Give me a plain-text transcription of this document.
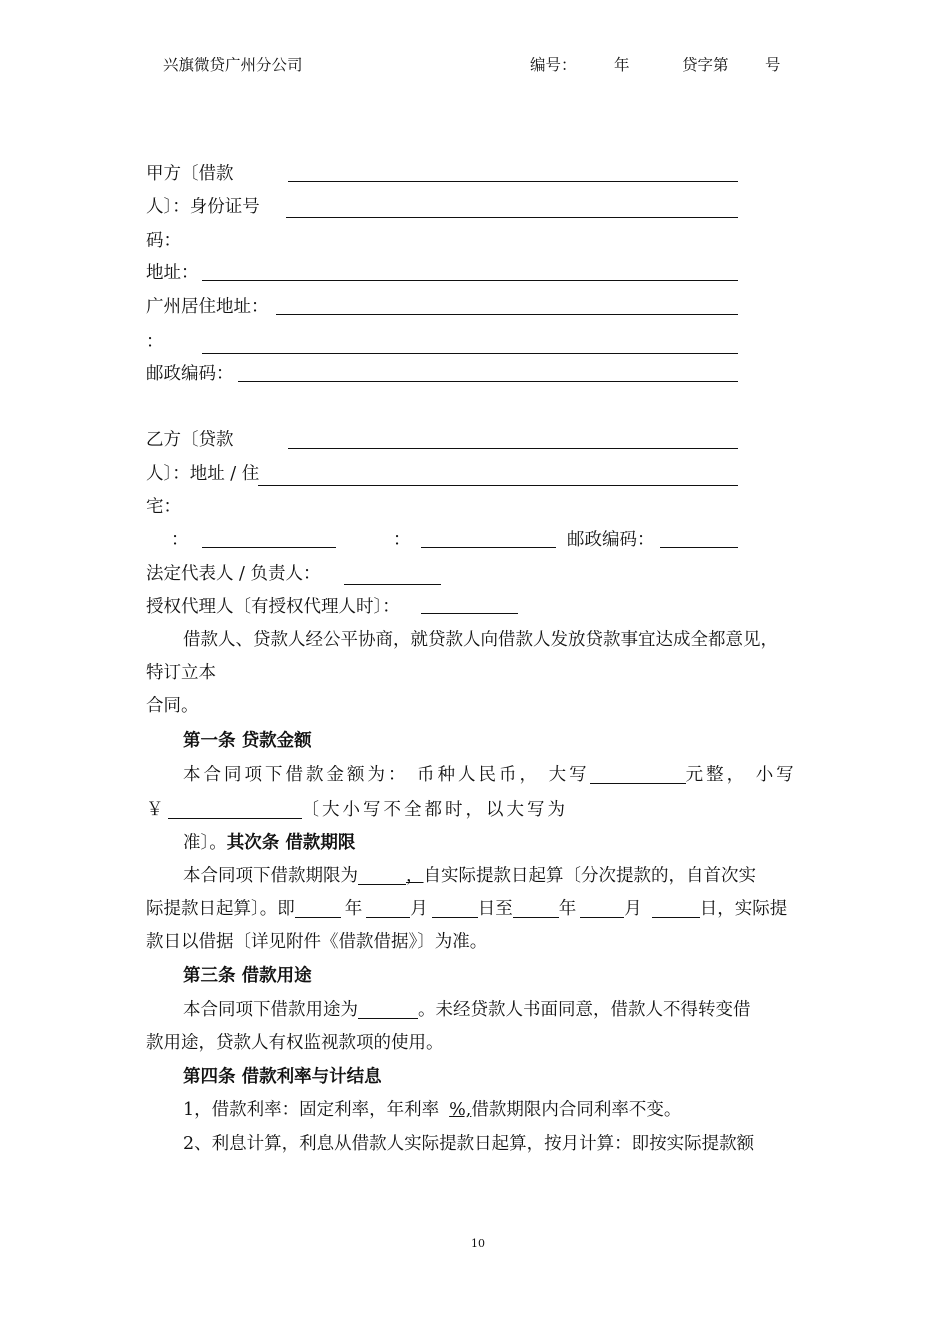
兴旗微贷广州分公司	编号： 年	贷字第 号
甲方〔借款
人〕：身份证号
码：
地址：
广州居住地址：
：
邮政编码：
乙方〔贷款
人〕：地址 / 住
宅：
：	：	邮政编码：
法定代表人 / 负责人：
授权代理人〔有授权代理人时〕：
借款人、贷款人经公平协商，就贷款人向借款人发放贷款事宜达成全都意见，
特订立本
合同。
第一条 贷款金额
本合同项下借款金额为： 币种人民币， 大写	元整， 小写
￥	〔大小写不全都时，以大写为
准〕。其次条 借款期限
本合同项下借款期限为	，自实际提款日起算〔分次提款的，自首次实
际提款日起算〕。即	年	月	日至	年	月	日，实际提
款日以借据〔详见附件《借款借据》〕为准。
第三条 借款用途
本合同项下借款用途为	。未经贷款人书面同意，借款人不得转变借
款用途，贷款人有权监视款项的使用。
第四条 借款利率与计结息
1，借款利率：固定利率，年利率 %,借款期限内合同利率不变。
2、利息计算，利息从借款人实际提款日起算，按月计算：即按实际提款额
10
